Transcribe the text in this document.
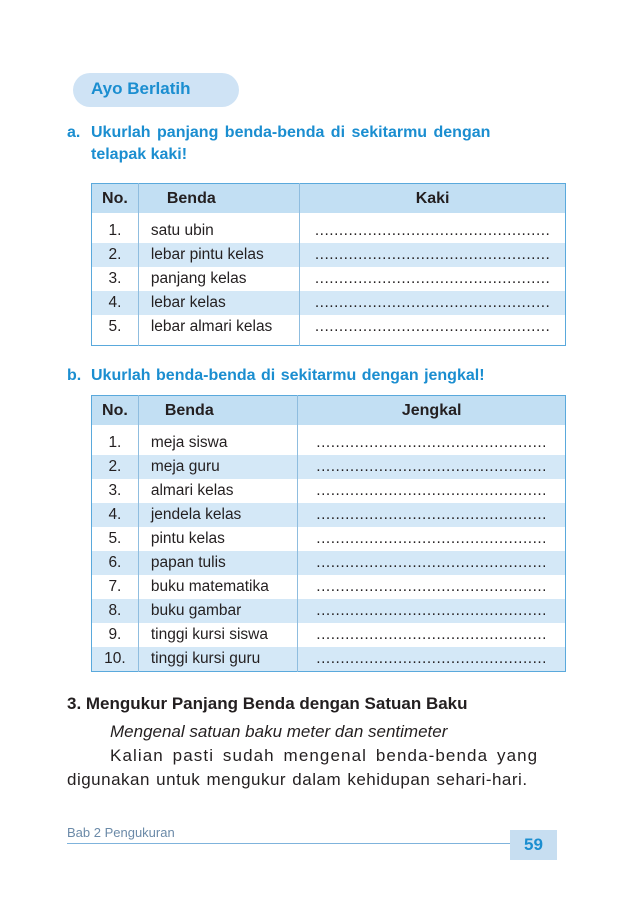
Ayo Berlatih
a. Ukurlah panjang benda-benda di sekitarmu dengan
telapak kaki!
No.	Benda	Kaki

1.	satu ubin	.................................................
2.	lebar pintu kelas	.................................................
3.	panjang kelas	.................................................
4.	lebar kelas	.................................................
5.	lebar almari kelas	.................................................

b. Ukurlah benda-benda di sekitarmu dengan jengkal!
No.	Benda	Jengkal

1.	meja siswa	................................................
2.	meja guru	................................................
3.	almari kelas	................................................
4.	jendela kelas	................................................
5.	pintu kelas	................................................
6.	papan tulis	................................................
7.	buku matematika	................................................
8.	buku gambar	................................................
9.	tinggi kursi siswa	................................................
10.	tinggi kursi guru	................................................
3. Mengukur Panjang Benda dengan Satuan Baku
Mengenal satuan baku meter dan sentimeter
Kalian pasti sudah mengenal benda-benda yang
digunakan untuk mengukur dalam kehidupan sehari-hari.
Bab 2 Pengukuran
59
